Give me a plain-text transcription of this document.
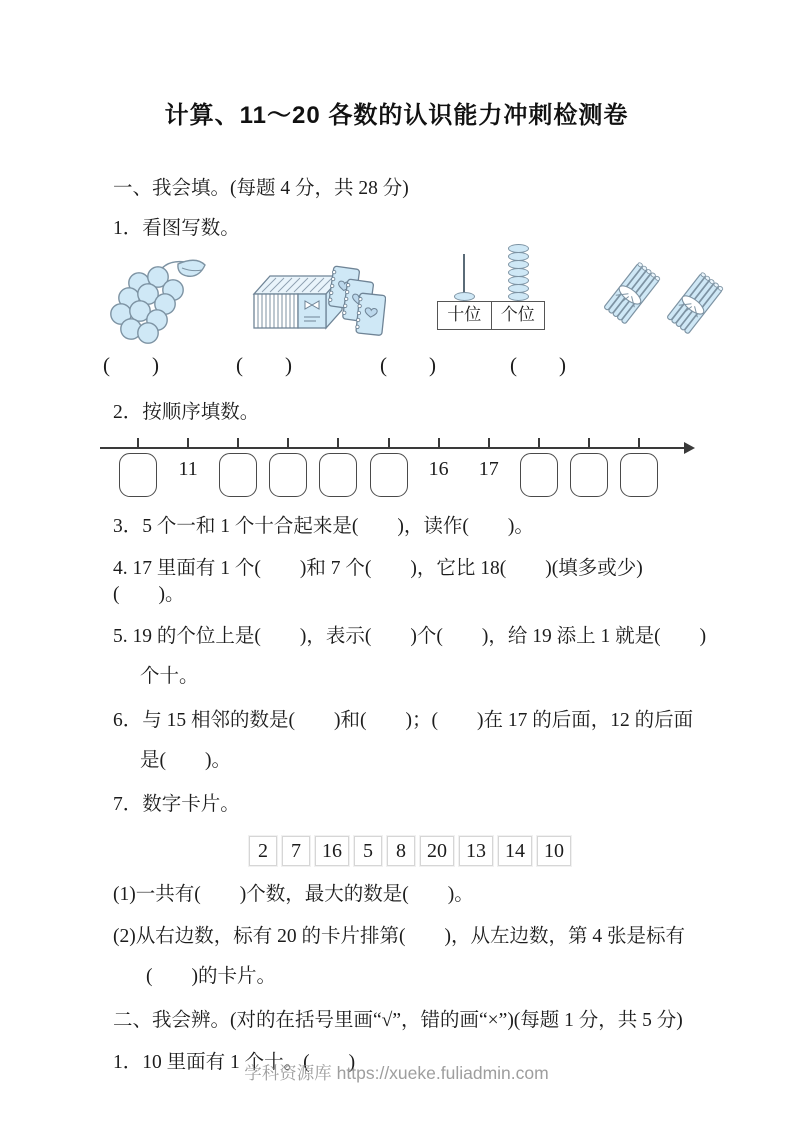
计算、11～20 各数的认识能力冲刺检测卷

一、我会填。(每题 4 分，共 28 分)

1．看图写数。

十位	个位
(　　)	(　　)	(　　)	(　　)

2．按顺序填数。

11	16 17

3．5 个一和 1 个十合起来是(　　)，读作(　　)。

4. 17 里面有 1 个(　　)和 7 个(　　)，它比 18(　　)(填多或少)(　　)。

5. 19 的个位上是(　　)，表示(　　)个(　　)，给 19 添上 1 就是(　　)

个十。

6．与 15 相邻的数是(　　)和(　　)；(　　)在 17 的后面，12 的后面

是(　　)。

7．数字卡片。

2	7	16	5	8	20 13 14 10

(1)一共有(　　)个数，最大的数是(　　)。

(2)从右边数，标有 20 的卡片排第(　　)，从左边数，第 4 张是标有

(　　)的卡片。

二、我会辨。(对的在括号里画“√”，错的画“×”)(每题 1 分，共 5 分)

1．10 里面有 1 个十。(　　)

学科资源库 https://xueke.fuliadmin.com
